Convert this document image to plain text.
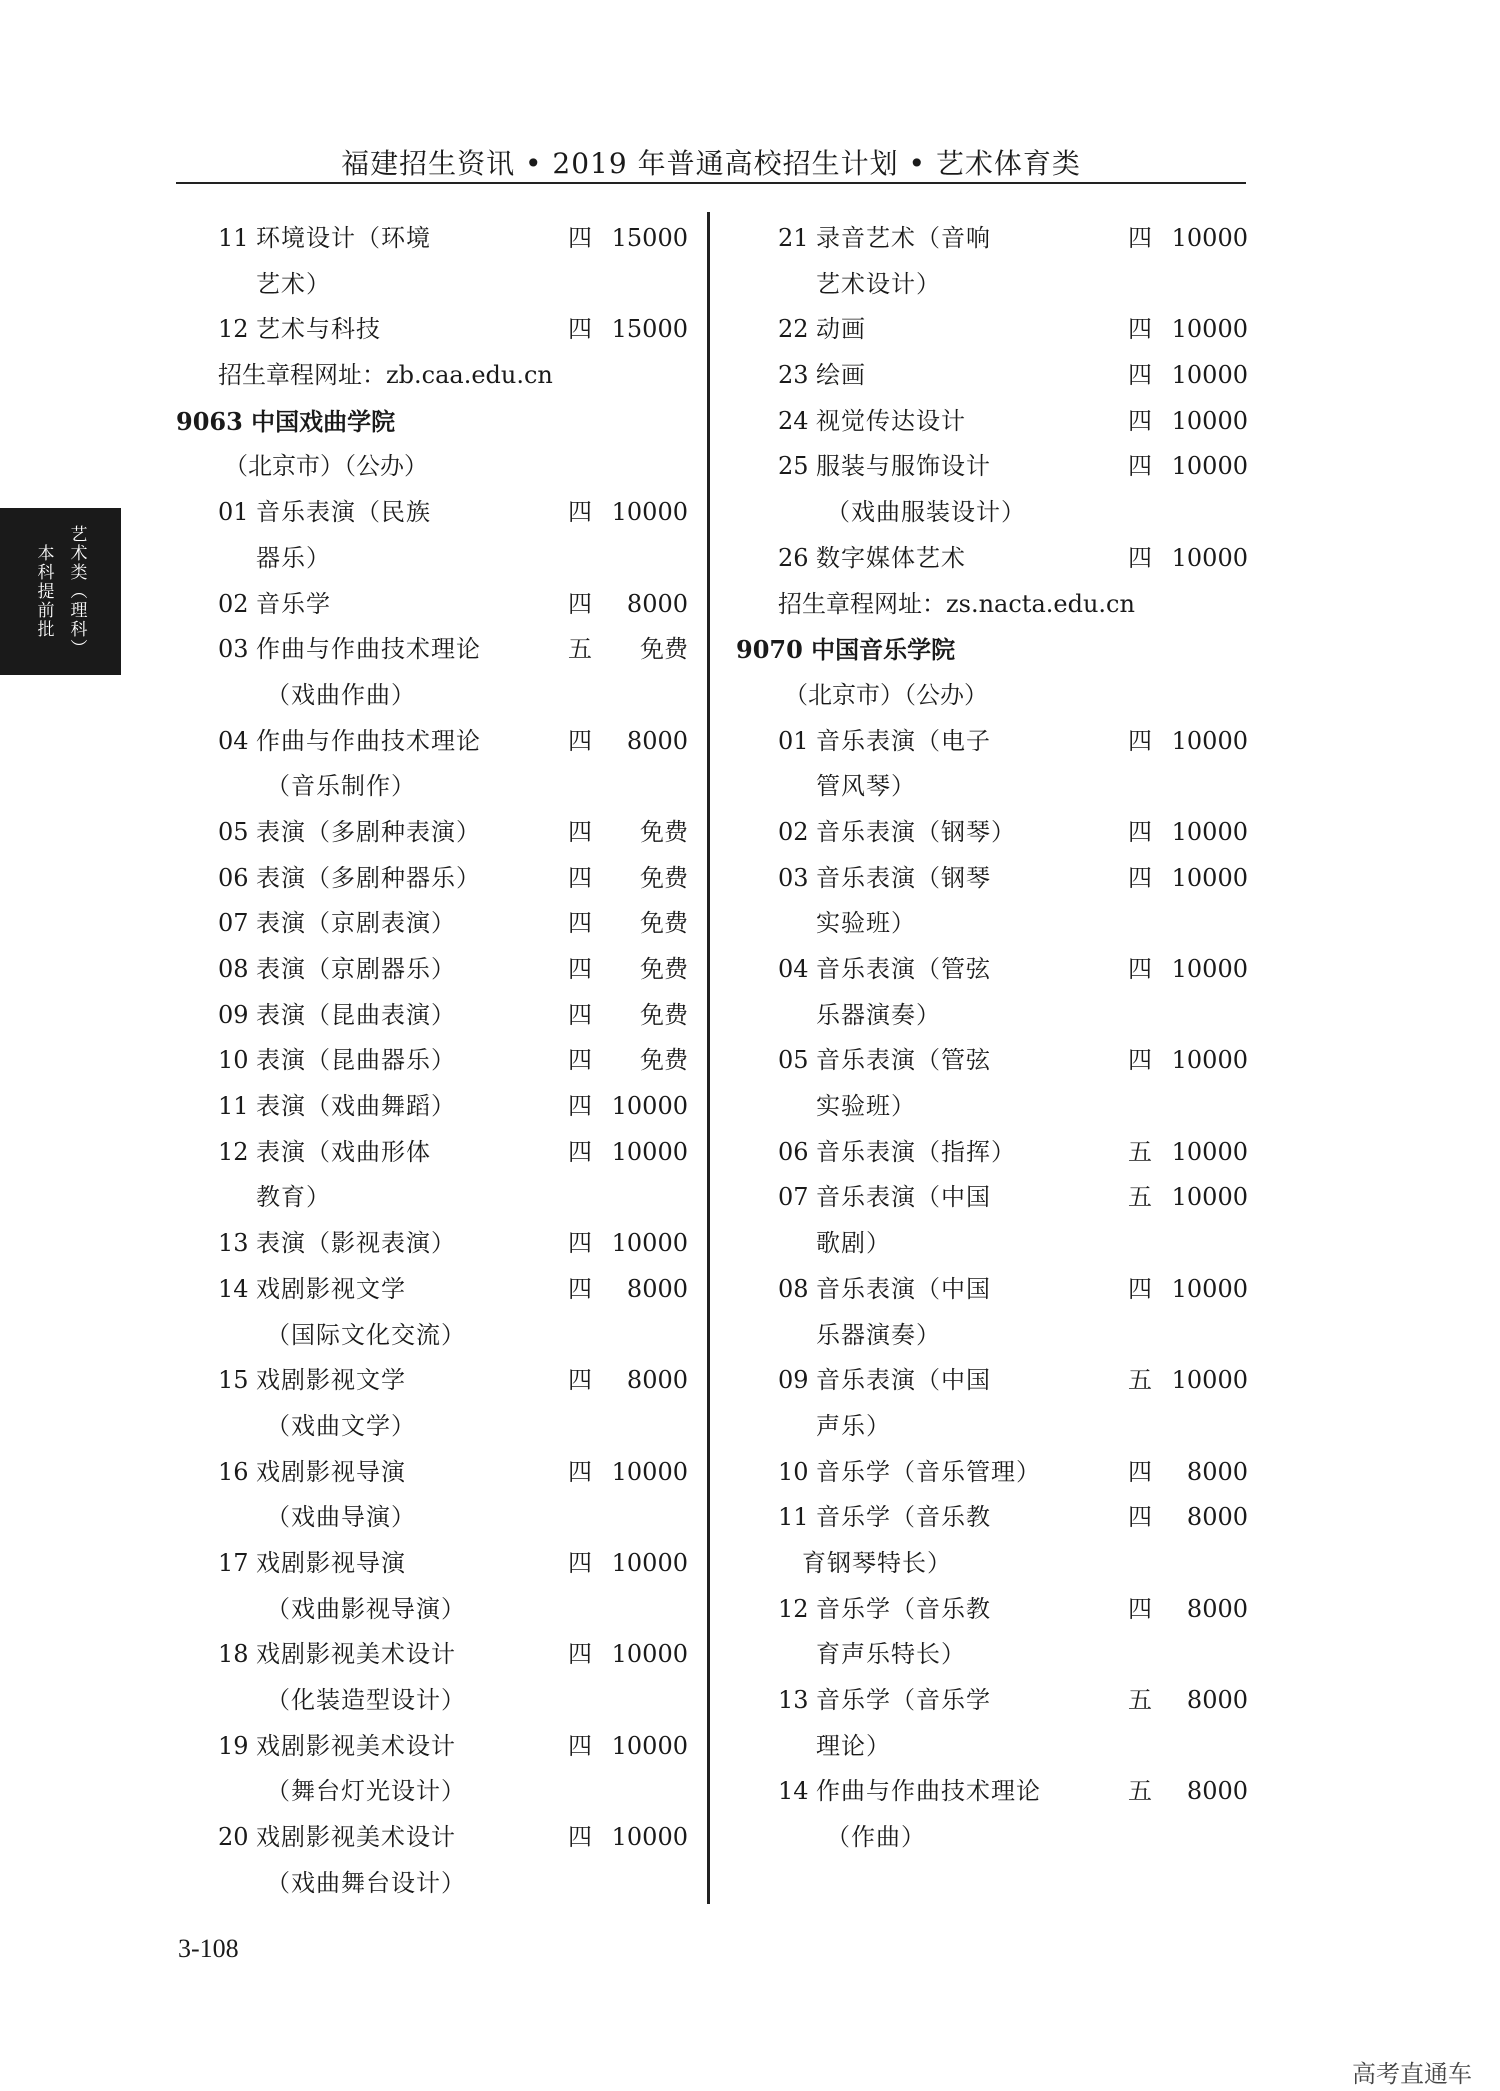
福建招生资讯 • 2019 年普通高校招生计划 • 艺术体育类
艺术类（理科）
本科提前批
11 环境设计（环境	四 15000
艺术）
12 艺术与科技	四 15000
招生章程网址：zb.caa.edu.cn
9063 中国戏曲学院
（北京市）（公办）
01 音乐表演（民族	四 10000
器乐）
02 音乐学	四	8000
03 作曲与作曲技术理论	五	免费
（戏曲作曲）
04 作曲与作曲技术理论	四	8000
（音乐制作）
05 表演（多剧种表演）	四	免费
06 表演（多剧种器乐）	四	免费
07 表演（京剧表演）	四	免费
08 表演（京剧器乐）	四	免费
09 表演（昆曲表演）	四	免费
10 表演（昆曲器乐）	四	免费
11 表演（戏曲舞蹈）	四 10000
12 表演（戏曲形体	四 10000
教育）
13 表演（影视表演）	四 10000
14 戏剧影视文学	四	8000
（国际文化交流）
15 戏剧影视文学	四	8000
（戏曲文学）
16 戏剧影视导演	四 10000
（戏曲导演）
17 戏剧影视导演	四 10000
（戏曲影视导演）
18 戏剧影视美术设计	四 10000
（化装造型设计）
19 戏剧影视美术设计	四 10000
（舞台灯光设计）
20 戏剧影视美术设计	四 10000
（戏曲舞台设计）
21 录音艺术（音响	四 10000
艺术设计）
22 动画	四 10000
23 绘画	四 10000
24 视觉传达设计	四 10000
25 服装与服饰设计	四 10000
（戏曲服装设计）
26 数字媒体艺术	四 10000
招生章程网址：zs.nacta.edu.cn
9070 中国音乐学院
（北京市）（公办）
01 音乐表演（电子	四 10000
管风琴）
02 音乐表演（钢琴）	四 10000
03 音乐表演（钢琴	四 10000
实验班）
04 音乐表演（管弦	四 10000
乐器演奏）
05 音乐表演（管弦	四 10000
实验班）
06 音乐表演（指挥）	五 10000
07 音乐表演（中国	五 10000
歌剧）
08 音乐表演（中国	四 10000
乐器演奏）
09 音乐表演（中国	五 10000
声乐）
10 音乐学（音乐管理）	四	8000
11 音乐学（音乐教	四	8000
育钢琴特长）
12 音乐学（音乐教	四	8000
育声乐特长）
13 音乐学（音乐学	五	8000
理论）
14 作曲与作曲技术理论	五	8000
（作曲）
3-108
高考直通车
